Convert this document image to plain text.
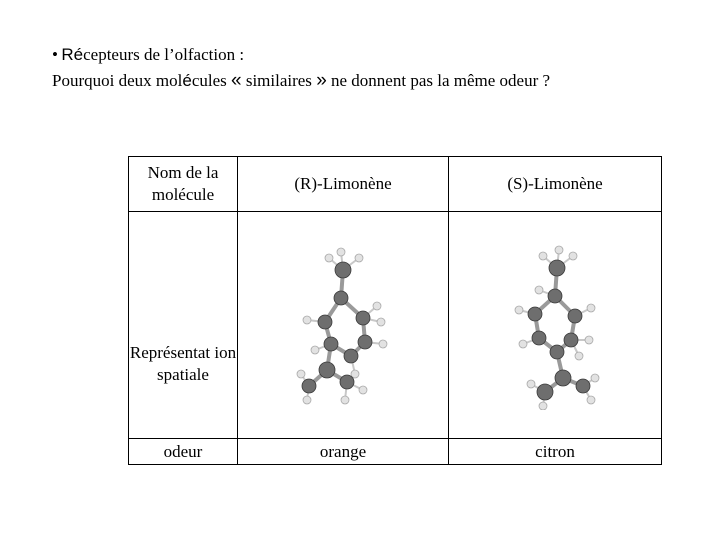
•  Récepteurs de l’olfaction :
Pourquoi deux molécules « similaires » ne donnent pas la même odeur ?
Nom de la molécule	(R)-Limonène	(S)-Limonène
Représentat ion spatiale	

odeur	orange	citron
